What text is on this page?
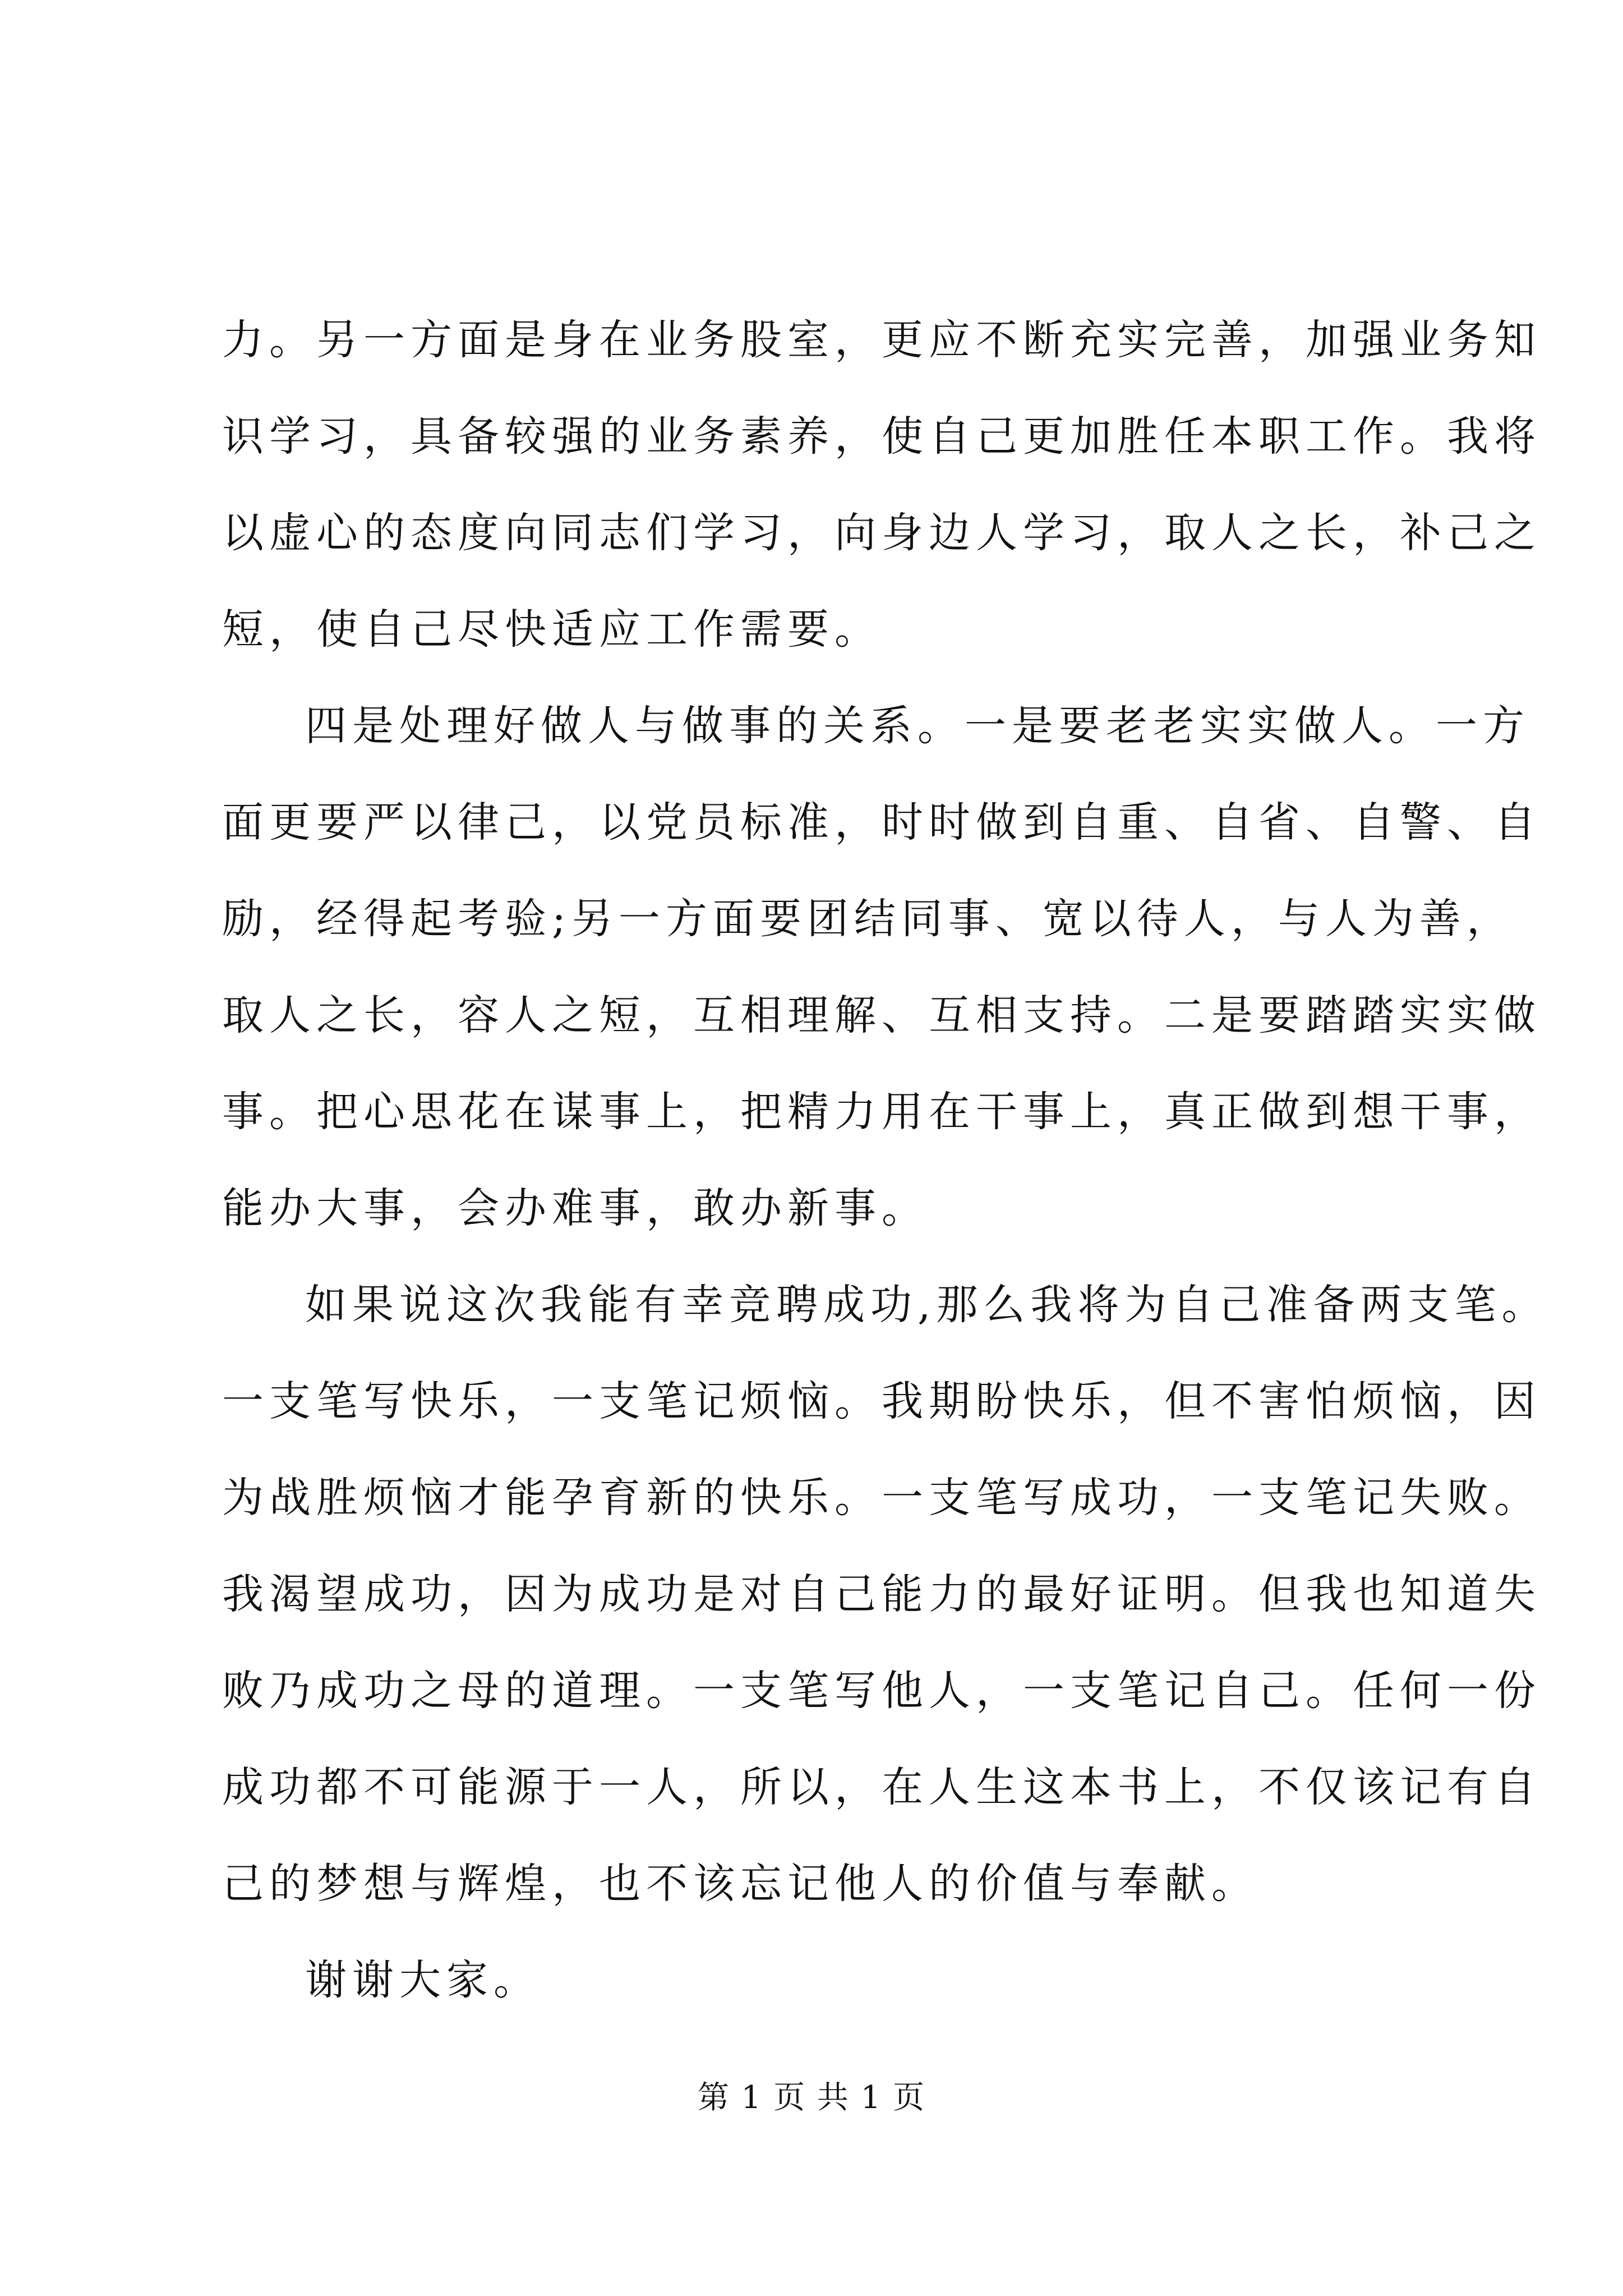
力。另一方面是身在业务股室，更应不断充实完善，加强业务知
识学习，具备较强的业务素养，使自己更加胜任本职工作。我将
以虚心的态度向同志们学习，向身边人学习，取人之长，补己之
短，使自己尽快适应工作需要。
四是处理好做人与做事的关系。一是要老老实实做人。一方
面更要严以律己，以党员标准，时时做到自重、自省、自警、自
励，经得起考验;另一方面要团结同事、宽以待人，与人为善，
取人之长，容人之短，互相理解、互相支持。二是要踏踏实实做
事。把心思花在谋事上，把精力用在干事上，真正做到想干事，
能办大事，会办难事，敢办新事。
如果说这次我能有幸竞聘成功,那么我将为自己准备两支笔。
一支笔写快乐，一支笔记烦恼。我期盼快乐，但不害怕烦恼，因
为战胜烦恼才能孕育新的快乐。一支笔写成功，一支笔记失败。
我渴望成功，因为成功是对自己能力的最好证明。但我也知道失
败乃成功之母的道理。一支笔写他人，一支笔记自己。任何一份
成功都不可能源于一人，所以，在人生这本书上，不仅该记有自
己的梦想与辉煌，也不该忘记他人的价值与奉献。
谢谢大家。
第 1 页 共 1 页
